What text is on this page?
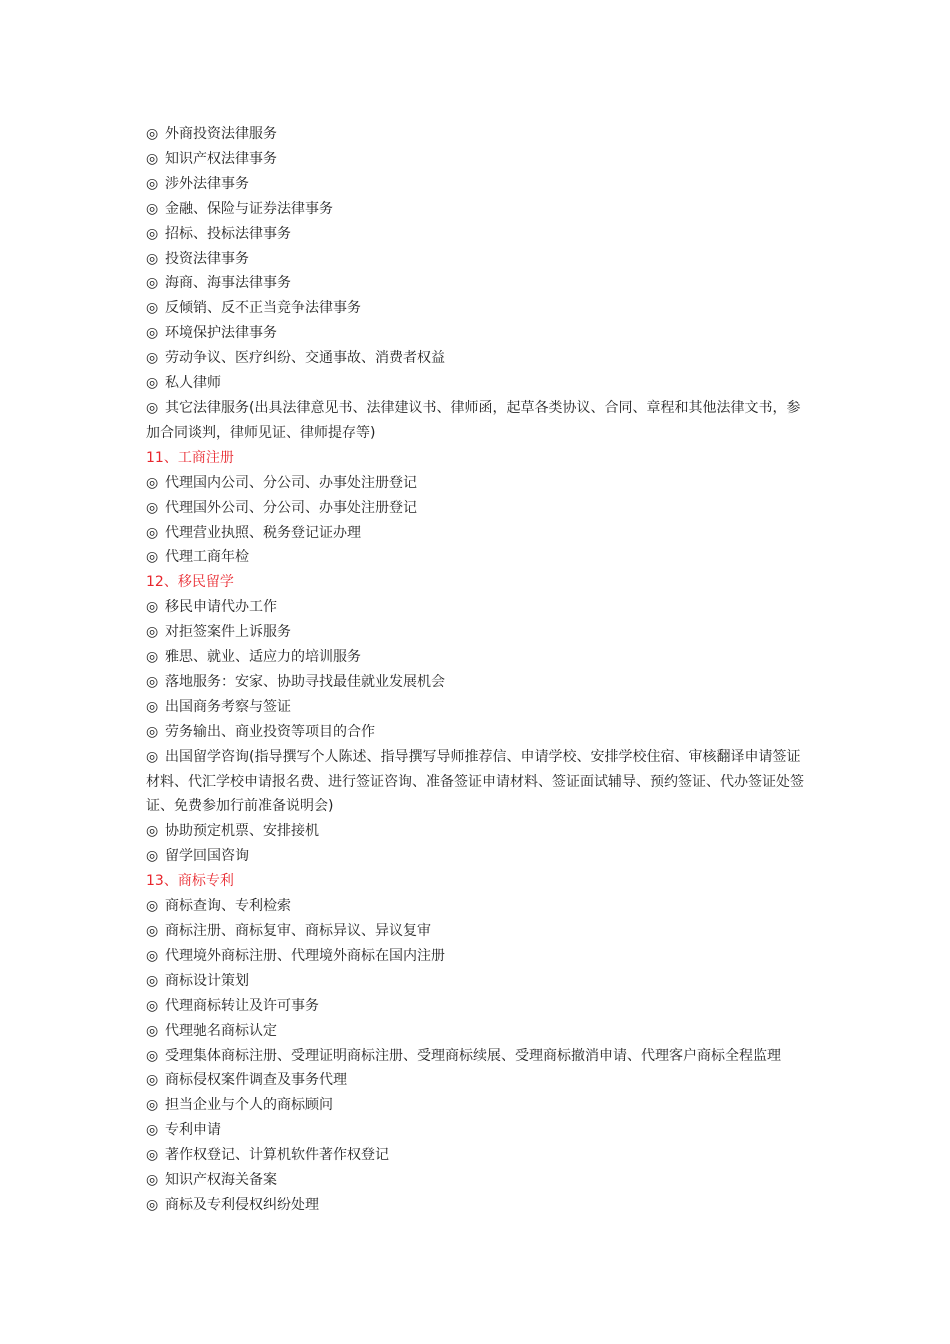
◎ 外商投资法律服务
◎ 知识产权法律事务
◎ 涉外法律事务
◎ 金融、保险与证券法律事务
◎ 招标、投标法律事务
◎ 投资法律事务
◎ 海商、海事法律事务
◎ 反倾销、反不正当竞争法律事务
◎ 环境保护法律事务
◎ 劳动争议、医疗纠纷、交通事故、消费者权益
◎ 私人律师
◎ 其它法律服务(出具法律意见书、法律建议书、律师函，起草各类协议、合同、章程和其他法律文书，参加合同谈判，律师见证、律师提存等)
11、工商注册
◎ 代理国内公司、分公司、办事处注册登记
◎ 代理国外公司、分公司、办事处注册登记
◎ 代理营业执照、税务登记证办理
◎ 代理工商年检
12、移民留学
◎ 移民申请代办工作
◎ 对拒签案件上诉服务
◎ 雅思、就业、适应力的培训服务
◎ 落地服务：安家、协助寻找最佳就业发展机会
◎ 出国商务考察与签证
◎ 劳务输出、商业投资等项目的合作
◎ 出国留学咨询(指导撰写个人陈述、指导撰写导师推荐信、申请学校、安排学校住宿、审核翻译申请签证材料、代汇学校申请报名费、进行签证咨询、准备签证申请材料、签证面试辅导、预约签证、代办签证处签证、免费参加行前准备说明会)
◎ 协助预定机票、安排接机
◎ 留学回国咨询
13、商标专利
◎ 商标查询、专利检索
◎ 商标注册、商标复审、商标异议、异议复审
◎ 代理境外商标注册、代理境外商标在国内注册
◎ 商标设计策划
◎ 代理商标转让及许可事务
◎ 代理驰名商标认定
◎ 受理集体商标注册、受理证明商标注册、受理商标续展、受理商标撤消申请、代理客户商标全程监理
◎ 商标侵权案件调查及事务代理
◎ 担当企业与个人的商标顾问
◎ 专利申请
◎ 著作权登记、计算机软件著作权登记
◎ 知识产权海关备案
◎ 商标及专利侵权纠纷处理
